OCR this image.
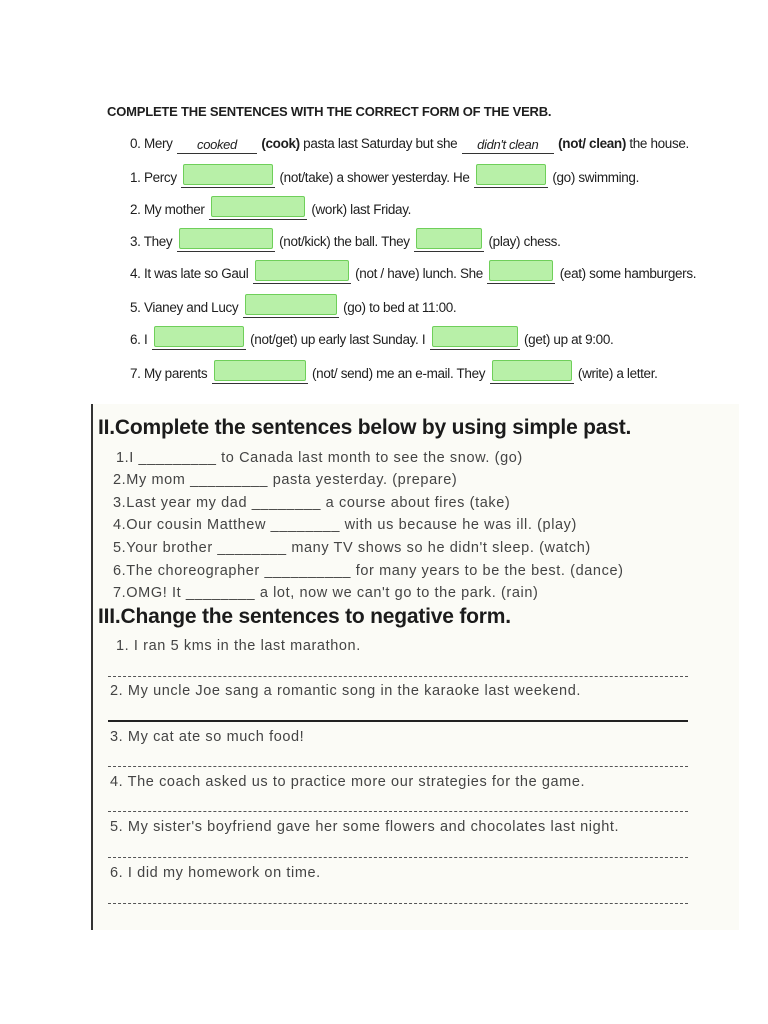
COMPLETE THE SENTENCES WITH THE CORRECT FORM OF THE VERB.
0. Mery cooked (cook) pasta last Saturday but she didn't clean (not/ clean) the house.
1. Percy	(not/take) a shower yesterday. He	(go) swimming.
2. My mother	(work) last Friday.
3. They	(not/kick) the ball. They	(play) chess.
4. It was late so Gaul	(not / have) lunch. She	(eat) some hamburgers.
5. Vianey and Lucy	(go) to bed at 11:00.
6. I	(not/get) up early last Sunday. I	(get) up at 9:00.
7. My parents	(not/ send) me an e-mail. They	(write) a letter.
II.Complete the sentences below by using simple past.
1.I _________ to Canada last month to see the snow. (go)
2.My mom _________ pasta yesterday. (prepare)
3.Last year my dad ________ a course about fires (take)
4.Our cousin Matthew ________ with us because he was ill. (play)
5.Your brother ________ many TV shows so he didn't sleep. (watch)
6.The choreographer __________ for many years to be the best. (dance)
7.OMG! It ________ a lot, now we can't go to the park. (rain)
III.Change the sentences to negative form.
1. I ran 5 kms in the last marathon.
2. My uncle Joe sang a romantic song in the karaoke last weekend.
3. My cat ate so much food!
4. The coach asked us to practice more our strategies for the game.
5. My sister's boyfriend gave her some flowers and chocolates last night.
6. I did my homework on time.
